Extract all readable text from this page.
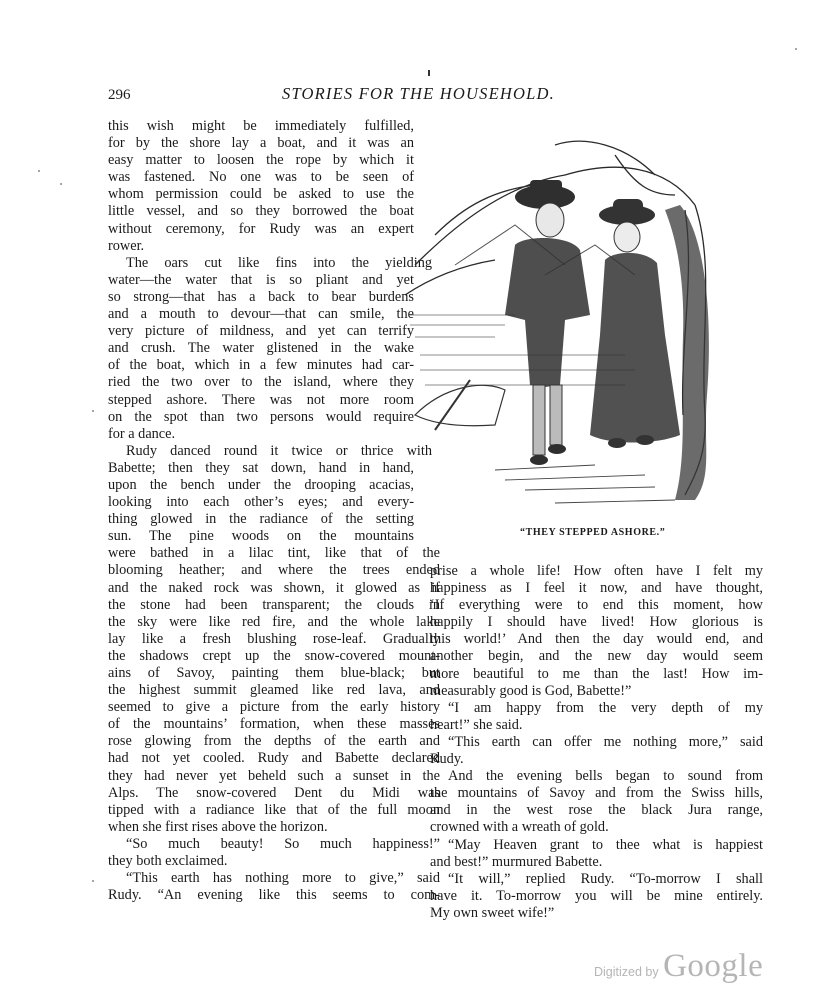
296	STORIES FOR THE HOUSEHOLD.
this wish might be immediately fulfilled,
for by the shore lay a boat, and it was an
easy matter to loosen the rope by which it
was fastened. No one was to be seen of
whom permission could be asked to use the
little vessel, and so they borrowed the boat
without ceremony, for Rudy was an expert
rower.
The oars cut like fins into the yielding
water—the water that is so pliant and yet
so strong—that has a back to bear burdens
and a mouth to devour—that can smile, the
very picture of mildness, and yet can terrify
and crush. The water glistened in the wake
of the boat, which in a few minutes had car-
ried the two over to the island, where they
stepped ashore. There was not more room
on the spot than two persons would require
for a dance.
Rudy danced round it twice or thrice with
Babette; then they sat down, hand in hand,
upon the bench under the drooping acacias,
looking into each other’s eyes; and every-
thing glowed in the radiance of the setting
sun. The pine woods on the mountains
were bathed in a lilac tint, like that of the
blooming heather; and where the trees ended
and the naked rock was shown, it glowed as if
the stone had been transparent; the clouds in
the sky were like red fire, and the whole lake
lay like a fresh blushing rose-leaf. Gradually
the shadows crept up the snow-covered mount-
ains of Savoy, painting them blue-black; but
the highest summit gleamed like red lava, and
seemed to give a picture from the early history
of the mountains’ formation, when these masses
rose glowing from the depths of the earth and
had not yet cooled. Rudy and Babette declared
they had never yet beheld such a sunset in the
Alps. The snow-covered Dent du Midi was
tipped with a radiance like that of the full moon
when she first rises above the horizon.
“So much beauty! So much happiness!”
they both exclaimed.
“This earth has nothing more to give,” said
Rudy. “An evening like this seems to com-
prise a whole life! How often have I felt my
happiness as I feel it now, and have thought,
‘If everything were to end this moment, how
happily I should have lived! How glorious is
this world!’ And then the day would end, and
another begin, and the new day would seem
more beautiful to me than the last! How im-
measurably good is God, Babette!”
“I am happy from the very depth of my
heart!” she said.
“This earth can offer me nothing more,” said
Rudy.
And the evening bells began to sound from
the mountains of Savoy and from the Swiss hills,
and in the west rose the black Jura range,
crowned with a wreath of gold.
“May Heaven grant to thee what is happiest
and best!” murmured Babette.
“It will,” replied Rudy. “To-morrow I shall
have it. To-morrow you will be mine entirely.
My own sweet wife!”
“THEY STEPPED ASHORE.”
Digitized by Google
